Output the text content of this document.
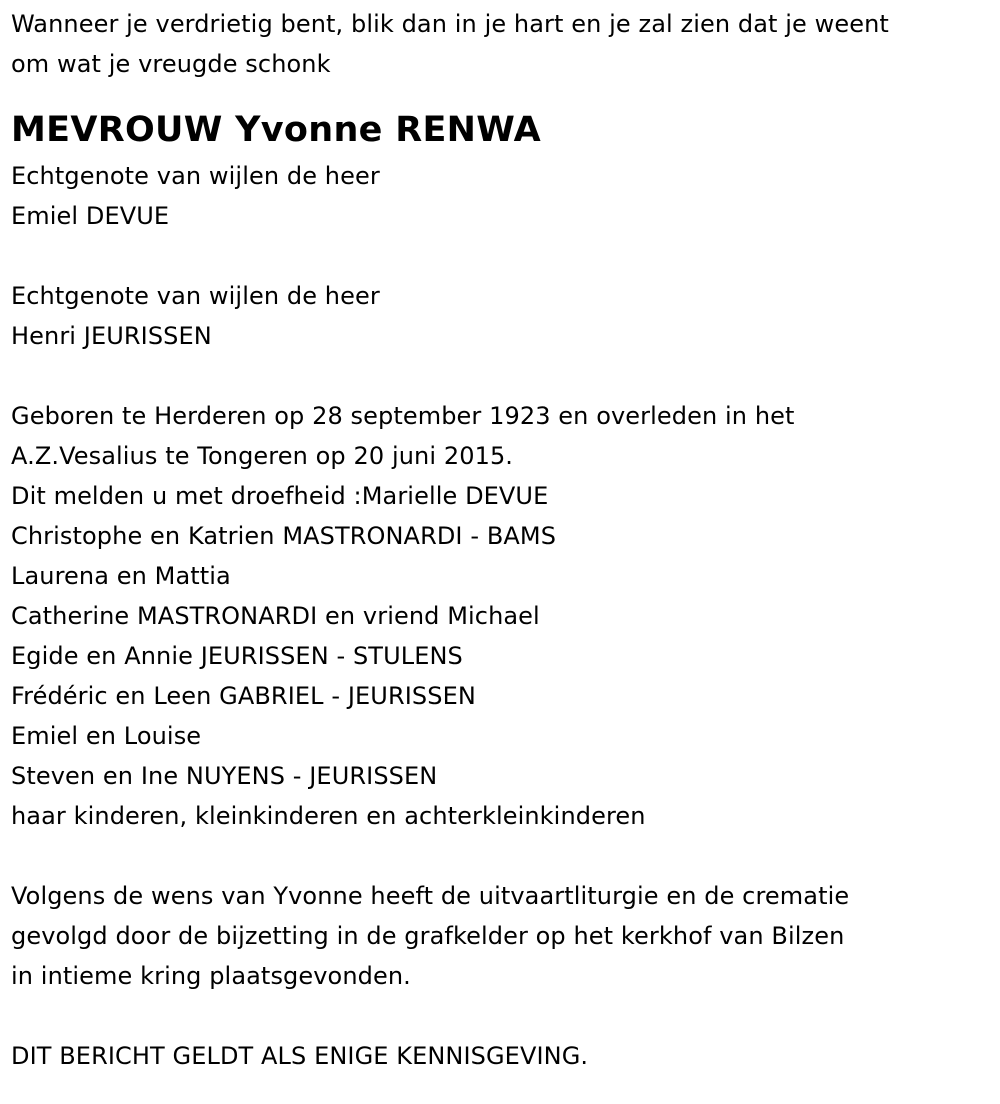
Wanneer je verdrietig bent, blik dan in je hart en je zal zien dat je weent
om wat je vreugde schonk
MEVROUW Yvonne RENWA
Echtgenote van wijlen de heer
Emiel DEVUE
Echtgenote van wijlen de heer
Henri JEURISSEN
Geboren te Herderen op 28 september 1923 en overleden in het
A.Z.Vesalius te Tongeren op 20 juni 2015.
Dit melden u met droefheid :Marielle DEVUE
Christophe en Katrien MASTRONARDI - BAMS
Laurena en Mattia
Catherine MASTRONARDI en vriend Michael
Egide en Annie JEURISSEN - STULENS
Frédéric en Leen GABRIEL - JEURISSEN
Emiel en Louise
Steven en Ine NUYENS - JEURISSEN
haar kinderen, kleinkinderen en achterkleinkinderen
Volgens de wens van Yvonne heeft de uitvaartliturgie en de crematie
gevolgd door de bijzetting in de grafkelder op het kerkhof van Bilzen
in intieme kring plaatsgevonden.
DIT BERICHT GELDT ALS ENIGE KENNISGEVING.
